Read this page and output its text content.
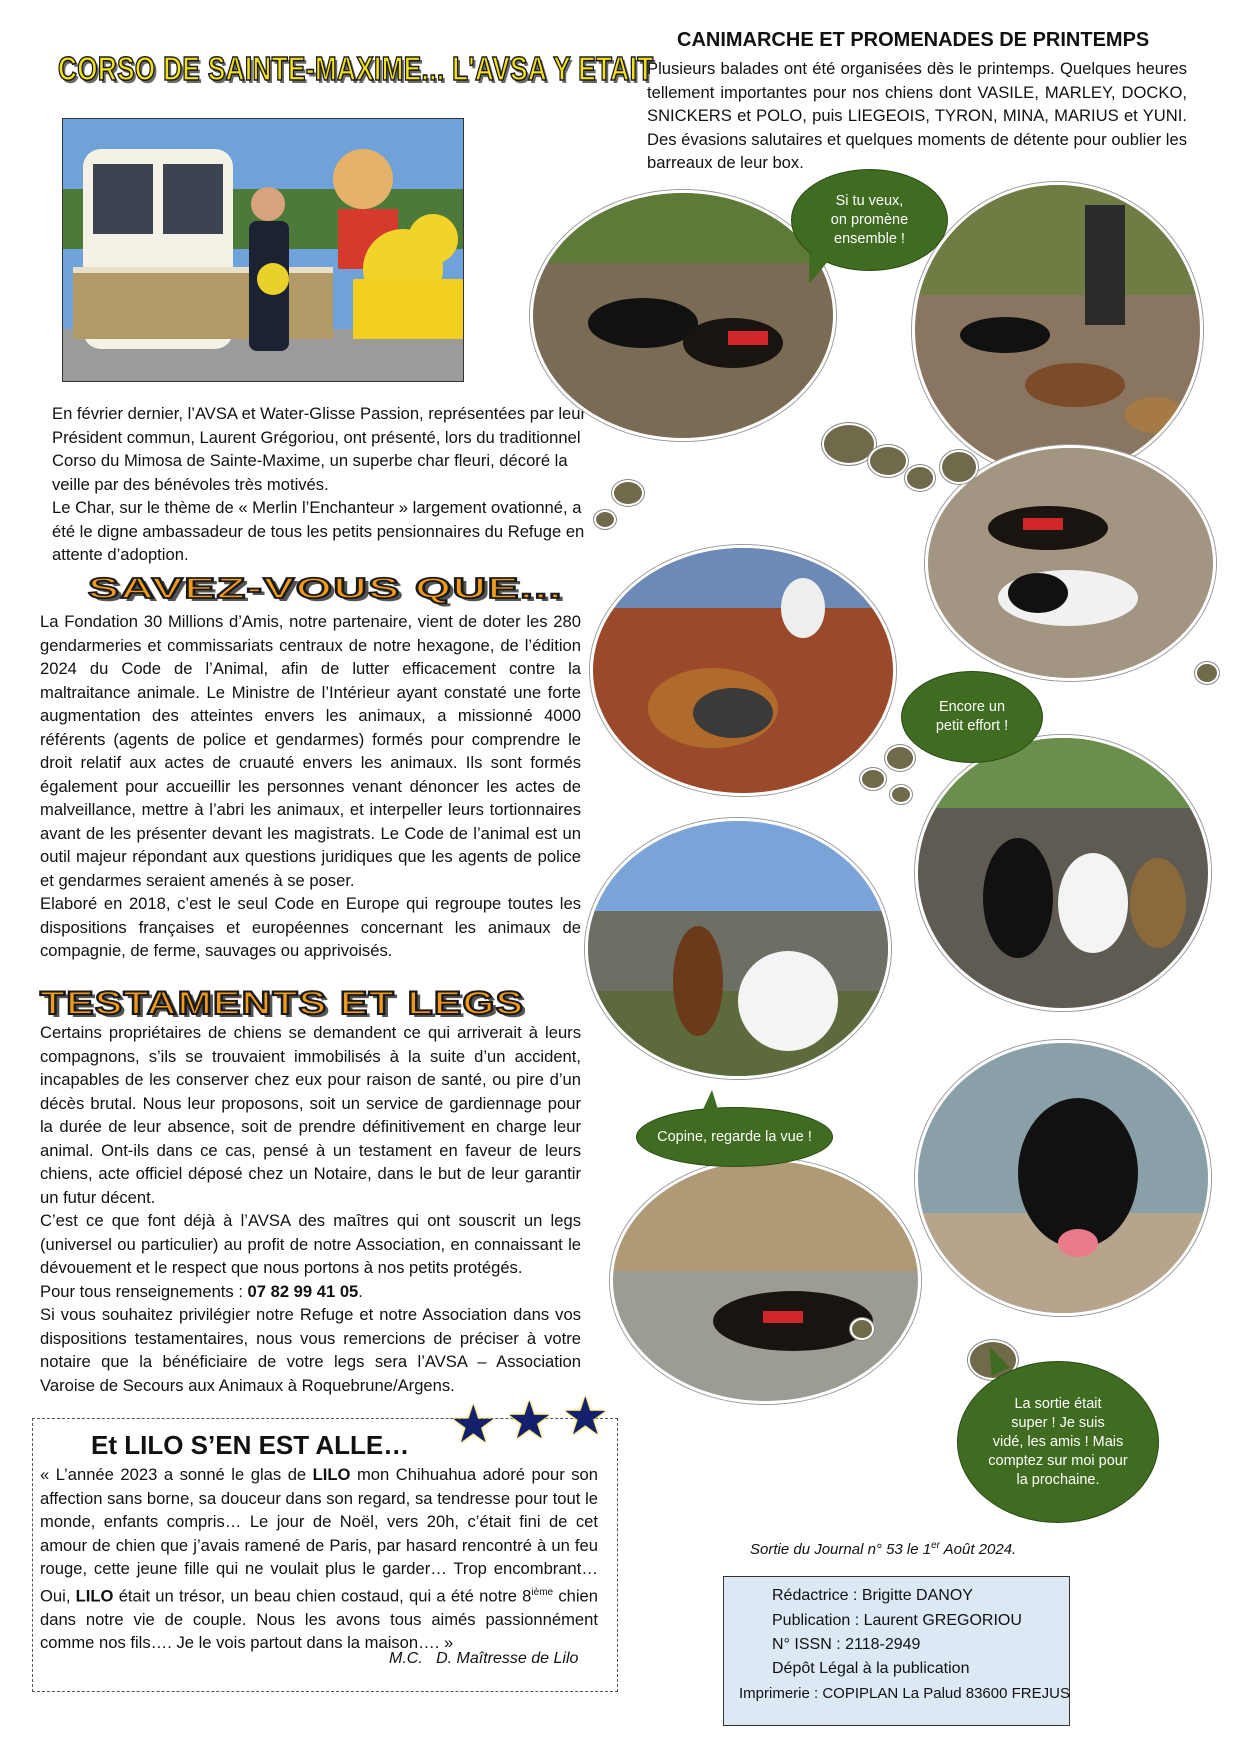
CORSO DE SAINTE-MAXIME... L'AVSA Y ETAIT

En février dernier, l’AVSA et Water-Glisse Passion, représentées par leur Président commun, Laurent Grégoriou, ont présenté, lors du traditionnel Corso du Mimosa de Sainte-Maxime, un superbe char fleuri, décoré la veille par des bénévoles très motivés.

Le Char, sur le thème de « Merlin l’Enchanteur » largement ovationné, a été le digne ambassadeur de tous les petits pensionnaires du Refuge en attente d’adoption.

SAVEZ-VOUS QUE...

La Fondation 30 Millions d’Amis, notre partenaire, vient de doter les 280 gendarmeries et commissariats centraux de notre hexagone, de l’édition 2024 du Code de l’Animal, afin de lutter efficacement contre la maltraitance animale. Le Ministre de l’Intérieur ayant constaté une forte augmentation des atteintes envers les animaux, a missionné 4000 référents (agents de police et gendarmes) formés pour comprendre le droit relatif aux actes de cruauté envers les animaux. Ils sont formés également pour accueillir les personnes venant dénoncer les actes de malveillance, mettre à l’abri les animaux, et interpeller leurs tortionnaires avant de les présenter devant les magistrats. Le Code de l’animal est un outil majeur répondant aux questions juridiques que les agents de police et gendarmes seraient amenés à se poser.

Elaboré en 2018, c’est le seul Code en Europe qui regroupe toutes les dispositions françaises et européennes concernant les animaux de compagnie, de ferme, sauvages ou apprivoisés.

TESTAMENTS ET LEGS

Certains propriétaires de chiens se demandent ce qui arriverait à leurs compagnons, s’ils se trouvaient immobilisés à la suite d’un accident, incapables de les conserver chez eux pour raison de santé, ou pire d’un décès brutal. Nous leur proposons, soit un service de gardiennage pour la durée de leur absence, soit de prendre définitivement en charge leur animal. Ont-ils dans ce cas, pensé à un testament en faveur de leurs chiens, acte officiel déposé chez un Notaire, dans le but de leur garantir un futur décent.

C’est ce que font déjà à l’AVSA des maîtres qui ont souscrit un legs (universel ou particulier) au profit de notre Association, en connaissant le dévouement et le respect que nous portons à nos petits protégés.

Pour tous renseignements : 07 82 99 41 05.

Si vous souhaitez privilégier notre Refuge et notre Association dans vos dispositions testamentaires, nous vous remercions de préciser à votre notaire que la bénéficiaire de votre legs sera l’AVSA – Association Varoise de Secours aux Animaux à Roquebrune/Argens.

Et LILO S’EN EST ALLE… ★ ★ ★

« L’année 2023 a sonné le glas de LILO mon Chihuahua adoré pour son affection sans borne, sa douceur dans son regard, sa tendresse pour tout le monde, enfants compris… Le jour de Noël, vers 20h, c’était fini de cet amour de chien que j’avais ramené de Paris, par hasard rencontré à un feu rouge, cette jeune fille qui ne voulait plus le garder… Trop encombrant… Oui, LILO était un trésor, un beau chien costaud, qui a été notre 8ième chien dans notre vie de couple. Nous les avons tous aimés passionnément comme nos fils…. Je le vois partout dans la maison…. »

M.C.   D. Maîtresse de Lilo
CANIMARCHE ET PROMENADES DE PRINTEMPS
Plusieurs balades ont été organisées dès le printemps. Quelques heures tellement importantes pour nos chiens dont VASILE, MARLEY, DOCKO, SNICKERS et POLO, puis LIEGEOIS, TYRON, MINA, MARIUS et YUNI. Des évasions salutaires et quelques moments de détente pour oublier les barreaux de leur box.
Si tu veux,
on promène
ensemble !
Encore un
petit effort !
Copine, regarde la vue !
La sortie était
super ! Je suis
vidé, les amis ! Mais
comptez sur moi pour
la prochaine.
Sortie du Journal n° 53 le 1er Août 2024.
Rédactrice : Brigitte DANOY
Publication : Laurent GREGORIOU
N° ISSN : 2118-2949
Dépôt Légal à la publication
Imprimerie : COPIPLAN La Palud 83600 FREJUS
